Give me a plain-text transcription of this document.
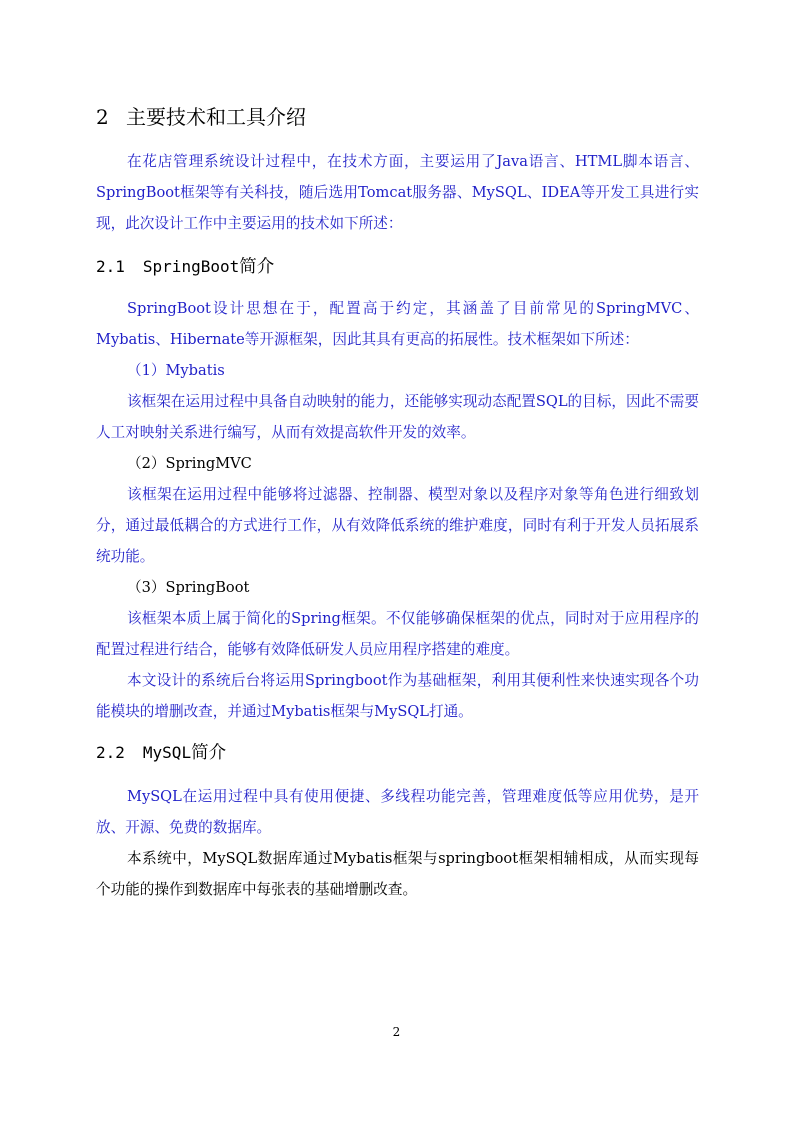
2 主要技术和工具介绍

在花店管理系统设计过程中，在技术方面，主要运用了Java语言、HTML脚本语言、SpringBoot框架等有关科技，随后选用Tomcat服务器、MySQL、IDEA等开发工具进行实现，此次设计工作中主要运用的技术如下所述：

2.1 SpringBoot简介

SpringBoot设计思想在于，配置高于约定，其涵盖了目前常见的SpringMVC、Mybatis、Hibernate等开源框架，因此其具有更高的拓展性。技术框架如下所述：

（1）Mybatis

该框架在运用过程中具备自动映射的能力，还能够实现动态配置SQL的目标，因此不需要人工对映射关系进行编写，从而有效提高软件开发的效率。

（2）SpringMVC

该框架在运用过程中能够将过滤器、控制器、模型对象以及程序对象等角色进行细致划分，通过最低耦合的方式进行工作，从有效降低系统的维护难度，同时有利于开发人员拓展系统功能。

（3）SpringBoot

该框架本质上属于简化的Spring框架。不仅能够确保框架的优点，同时对于应用程序的配置过程进行结合，能够有效降低研发人员应用程序搭建的难度。

本文设计的系统后台将运用Springboot作为基础框架，利用其便利性来快速实现各个功能模块的增删改查，并通过Mybatis框架与MySQL打通。

2.2 MySQL简介

MySQL在运用过程中具有使用便捷、多线程功能完善，管理难度低等应用优势，是开放、开源、免费的数据库。

本系统中，MySQL数据库通过Mybatis框架与springboot框架相辅相成，从而实现每个功能的操作到数据库中每张表的基础增删改查。

2
